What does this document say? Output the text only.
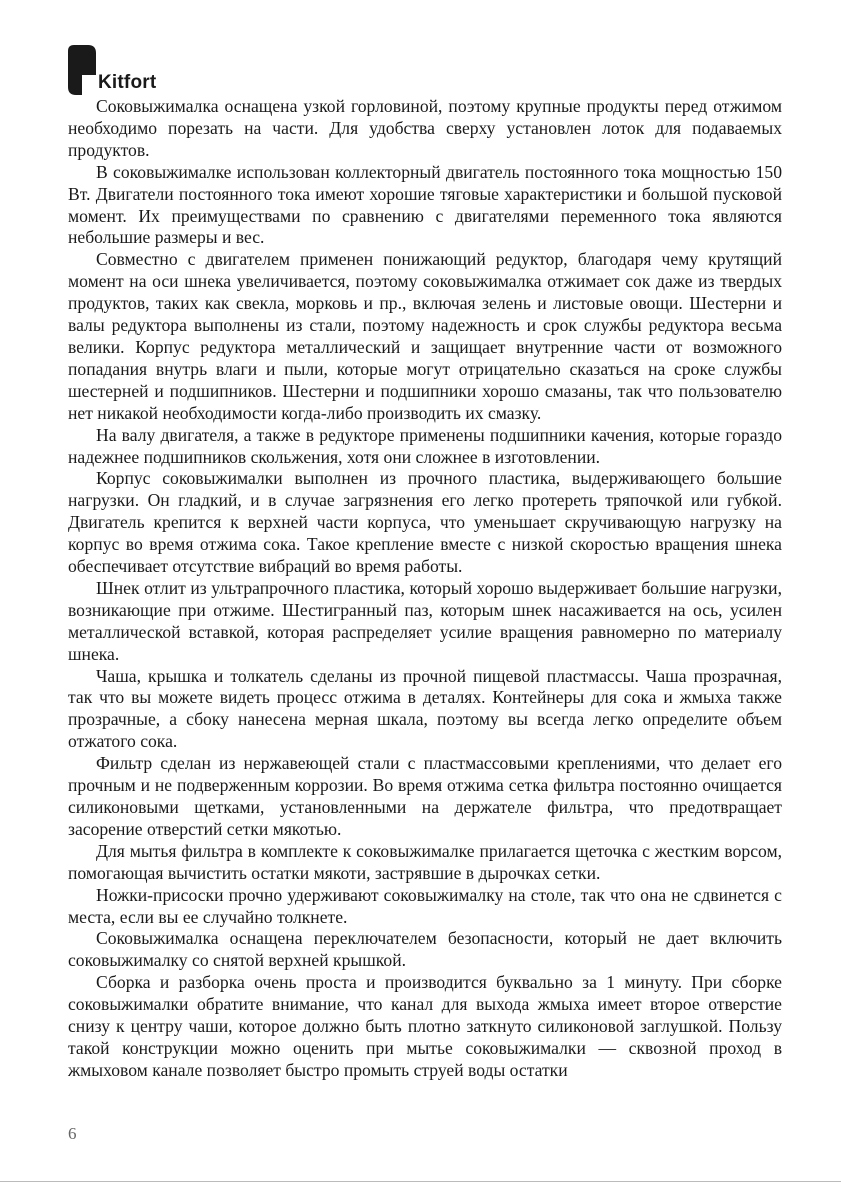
Kitfort

Соковыжималка оснащена узкой горловиной, поэтому крупные продукты перед отжимом необходимо порезать на части. Для удобства сверху установлен лоток для подаваемых продуктов.

В соковыжималке использован коллекторный двигатель постоянного тока мощностью 150 Вт. Двигатели постоянного тока имеют хорошие тяговые характеристики и большой пусковой момент. Их преимуществами по сравнению с двигателями переменного тока являются небольшие размеры и вес.

Совместно с двигателем применен понижающий редуктор, благодаря чему крутящий момент на оси шнека увеличивается, поэтому соковыжималка отжимает сок даже из твердых продуктов, таких как свекла, морковь и пр., включая зелень и листовые овощи. Шестерни и валы редуктора выполнены из стали, поэтому надежность и срок службы редуктора весьма велики. Корпус редуктора металлический и защищает внутренние части от возможного попадания внутрь влаги и пыли, которые могут отрицательно сказаться на сроке службы шестерней и подшипников. Шестерни и подшипники хорошо смазаны, так что пользователю нет никакой необходимости когда-либо производить их смазку.

На валу двигателя, а также в редукторе применены подшипники качения, которые гораздо надежнее подшипников скольжения, хотя они сложнее в изготовлении.

Корпус соковыжималки выполнен из прочного пластика, выдерживающего большие нагрузки. Он гладкий, и в случае загрязнения его легко протереть тряпочкой или губкой. Двигатель крепится к верхней части корпуса, что уменьшает скручивающую нагрузку на корпус во время отжима сока. Такое крепление вместе с низкой скоростью вращения шнека обеспечивает отсутствие вибраций во время работы.

Шнек отлит из ультрапрочного пластика, который хорошо выдерживает большие нагрузки, возникающие при отжиме. Шестигранный паз, которым шнек насаживается на ось, усилен металлической вставкой, которая распределяет усилие вращения равномерно по материалу шнека.

Чаша, крышка и толкатель сделаны из прочной пищевой пластмассы. Чаша прозрачная, так что вы можете видеть процесс отжима в деталях. Контейнеры для сока и жмыха также прозрачные, а сбоку нанесена мерная шкала, поэтому вы всегда легко определите объем отжатого сока.

Фильтр сделан из нержавеющей стали с пластмассовыми креплениями, что делает его прочным и не подверженным коррозии. Во время отжима сетка фильтра постоянно очищается силиконовыми щетками, установленными на держателе фильтра, что предотвращает засорение отверстий сетки мякотью.

Для мытья фильтра в комплекте к соковыжималке прилагается щеточка с жестким ворсом, помогающая вычистить остатки мякоти, застрявшие в дырочках сетки.

Ножки-присоски прочно удерживают соковыжималку на столе, так что она не сдвинется с места, если вы ее случайно толкнете.

Соковыжималка оснащена переключателем безопасности, который не дает включить соковыжималку со снятой верхней крышкой.

Сборка и разборка очень проста и производится буквально за 1 минуту. При сборке соковыжималки обратите внимание, что канал для выхода жмыха имеет второе отверстие снизу к центру чаши, которое должно быть плотно заткнуто силиконовой заглушкой. Пользу такой конструкции можно оценить при мытье соковыжималки — сквозной проход в жмыховом канале позволяет быстро промыть струей воды остатки

6
